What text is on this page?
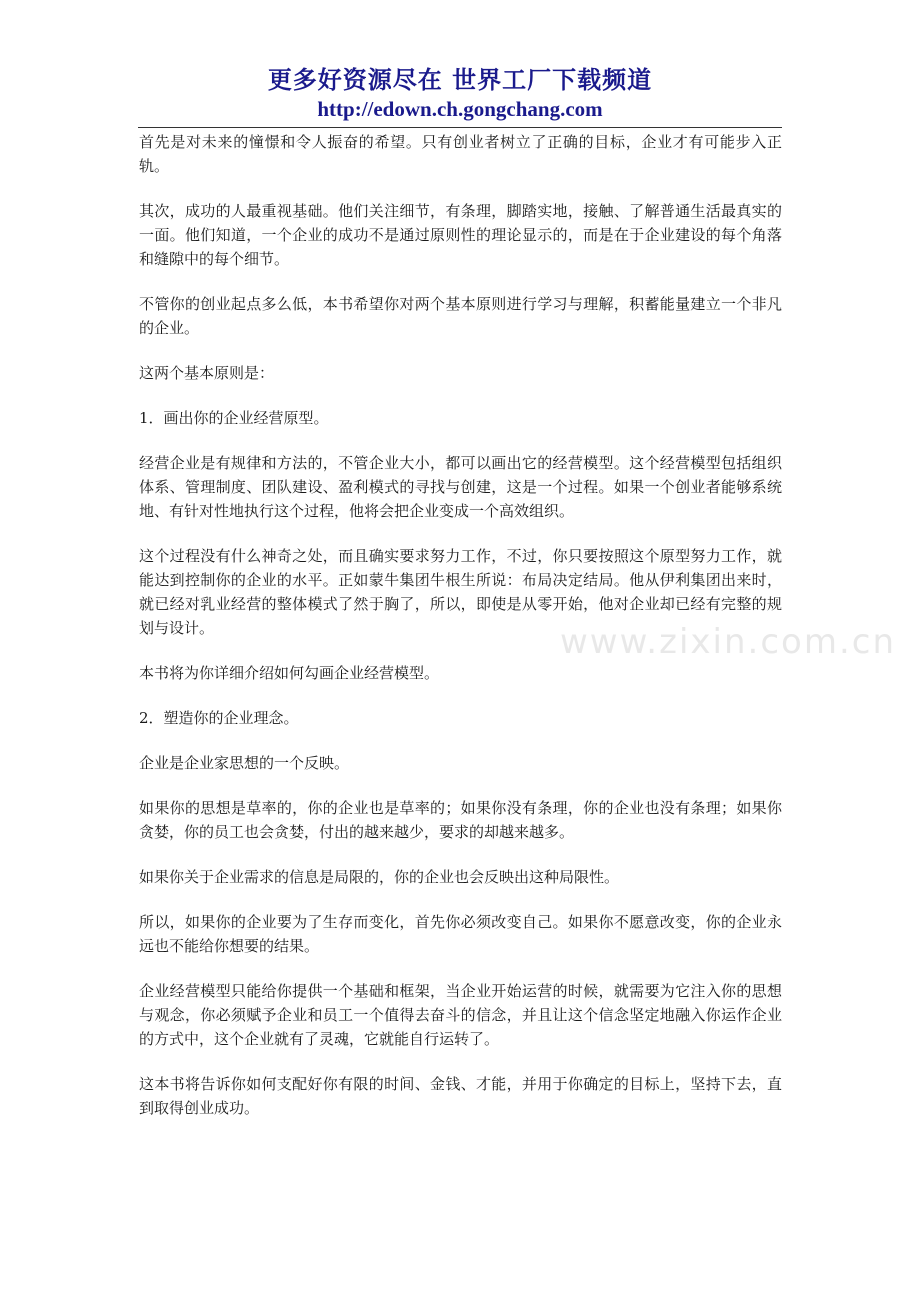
更多好资源尽在 世界工厂下载频道
http://edown.ch.gongchang.com
www.zixin.com.cn

首先是对未来的憧憬和令人振奋的希望。只有创业者树立了正确的目标，企业才有可能步入正轨。

其次，成功的人最重视基础。他们关注细节，有条理，脚踏实地，接触、了解普通生活最真实的一面。他们知道，一个企业的成功不是通过原则性的理论显示的，而是在于企业建设的每个角落和缝隙中的每个细节。

不管你的创业起点多么低，本书希望你对两个基本原则进行学习与理解，积蓄能量建立一个非凡的企业。

这两个基本原则是：

1．画出你的企业经营原型。

经营企业是有规律和方法的，不管企业大小，都可以画出它的经营模型。这个经营模型包括组织体系、管理制度、团队建设、盈利模式的寻找与创建，这是一个过程。如果一个创业者能够系统地、有针对性地执行这个过程，他将会把企业变成一个高效组织。

这个过程没有什么神奇之处，而且确实要求努力工作，不过，你只要按照这个原型努力工作，就能达到控制你的企业的水平。正如蒙牛集团牛根生所说：布局决定结局。他从伊利集团出来时，就已经对乳业经营的整体模式了然于胸了，所以，即使是从零开始，他对企业却已经有完整的规划与设计。

本书将为你详细介绍如何勾画企业经营模型。

2．塑造你的企业理念。

企业是企业家思想的一个反映。

如果你的思想是草率的，你的企业也是草率的；如果你没有条理，你的企业也没有条理；如果你贪婪，你的员工也会贪婪，付出的越来越少，要求的却越来越多。

如果你关于企业需求的信息是局限的，你的企业也会反映出这种局限性。

所以，如果你的企业要为了生存而变化，首先你必须改变自己。如果你不愿意改变，你的企业永远也不能给你想要的结果。

企业经营模型只能给你提供一个基础和框架，当企业开始运营的时候，就需要为它注入你的思想与观念，你必须赋予企业和员工一个值得去奋斗的信念，并且让这个信念坚定地融入你运作企业的方式中，这个企业就有了灵魂，它就能自行运转了。

这本书将告诉你如何支配好你有限的时间、金钱、才能，并用于你确定的目标上，坚持下去，直到取得创业成功。
